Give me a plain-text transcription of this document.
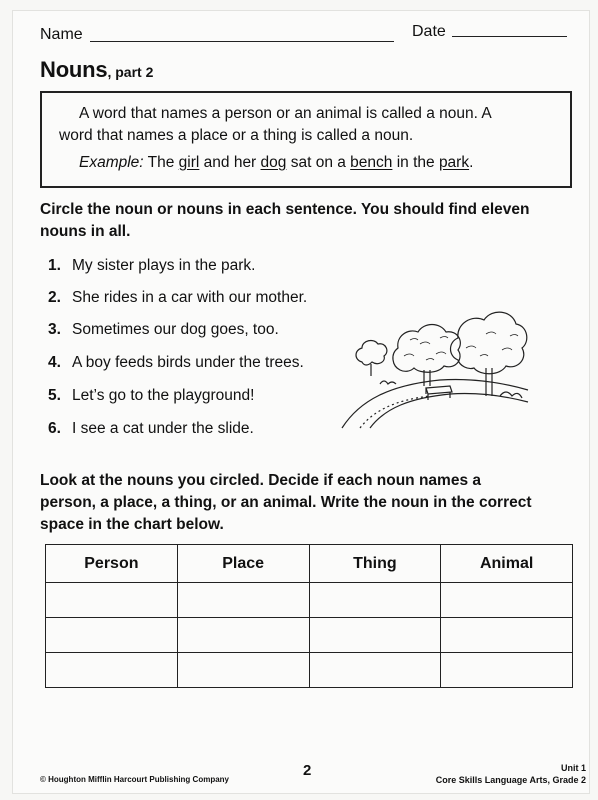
Name	Date
Nouns, part 2
A word that names a person or an animal is called a noun. A
word that names a place or a thing is called a noun.
Example: The girl and her dog sat on a bench in the park.
Circle the noun or nouns in each sentence. You should find eleven
nouns in all.
1. My sister plays in the park.
2. She rides in a car with our mother.
3. Sometimes our dog goes, too.
4. A boy feeds birds under the trees.
5. Let’s go to the playground!
6. I see a cat under the slide.
Look at the nouns you circled. Decide if each noun names a
person, a place, a thing, or an animal. Write the noun in the correct
space in the chart below.
Person	Place	Thing	Animal

© Houghton Mifflin Harcourt Publishing Company
2	Unit 1
Core Skills Language Arts, Grade 2
